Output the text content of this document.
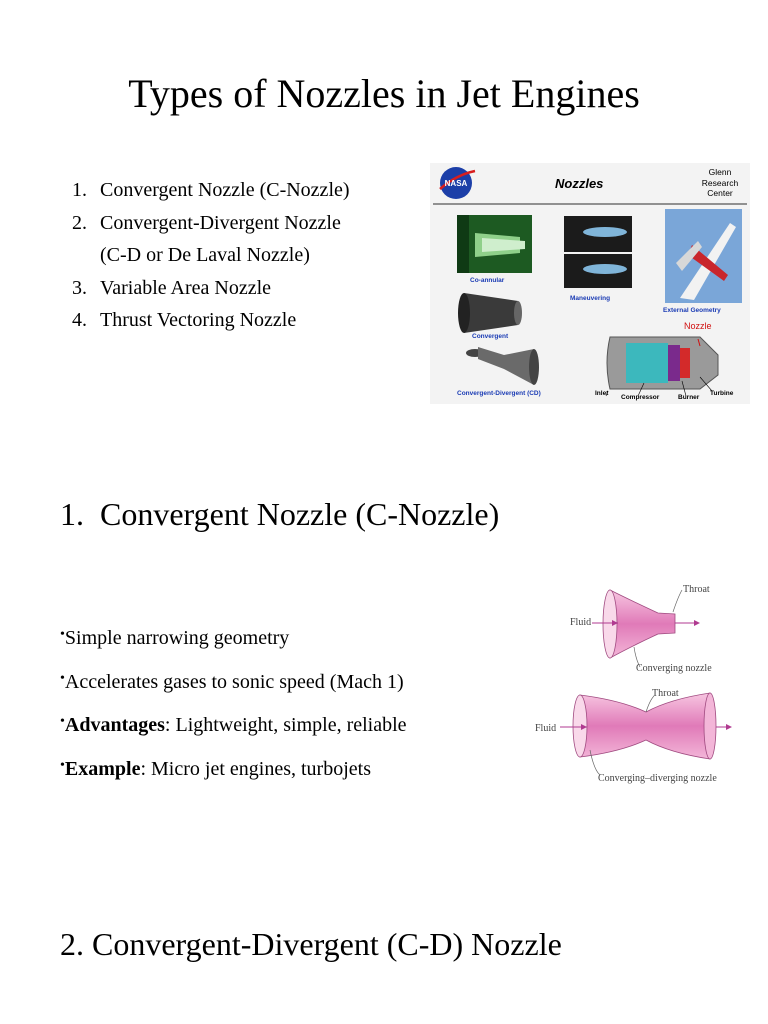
Types of Nozzles in Jet Engines
1. Convergent Nozzle (C-Nozzle)
2. Convergent-Divergent Nozzle
(C-D or De Laval Nozzle)
3. Variable Area Nozzle
4. Thrust Vectoring Nozzle
NASA	Nozzles
Glenn
Research
Center
Co-annular
Maneuvering
External Geometry
Convergent
Convergent-Divergent (CD)
Nozzle
Inlet
Compressor	Burner
Turbine
1. Convergent Nozzle (C-Nozzle)
•Simple narrowing geometry
•Accelerates gases to sonic speed (Mach 1)
•Advantages: Lightweight, simple, reliable
•Example: Micro jet engines, turbojets
Fluid
Throat
Converging nozzle
Fluid
Throat
Converging–diverging nozzle
2. Convergent-Divergent (C-D) Nozzle
